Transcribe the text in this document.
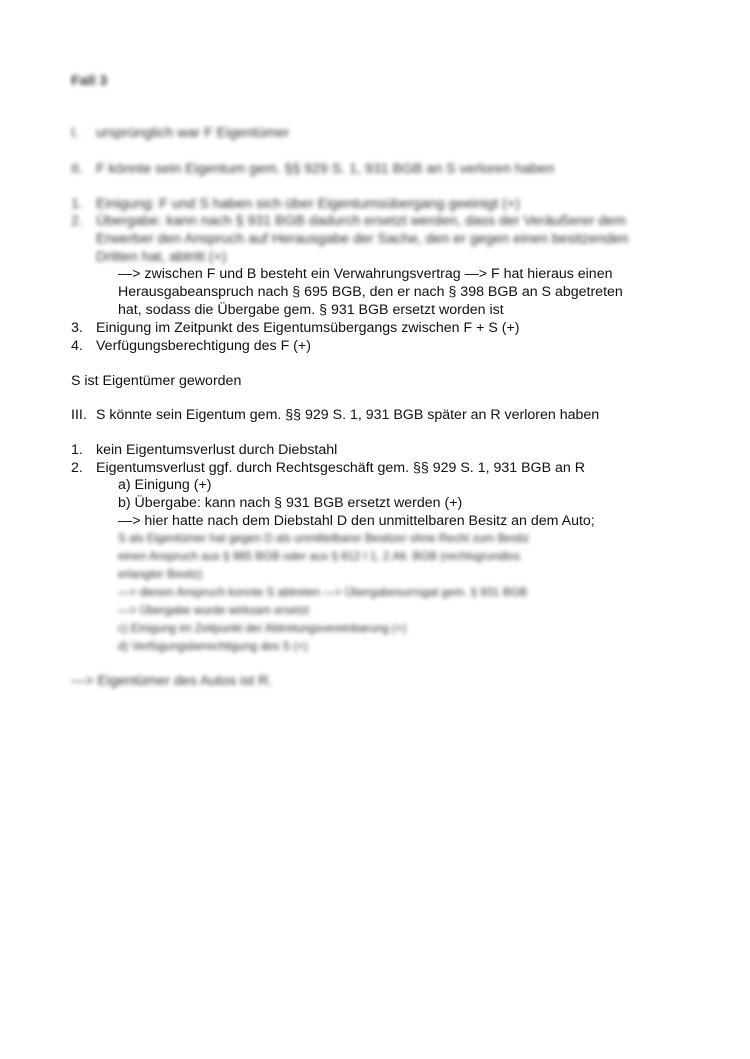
Fall 3
I. ursprünglich war F Eigentümer
II. F könnte sein Eigentum gem. §§ 929 S. 1, 931 BGB an S verloren haben
1. Einigung: F und S haben sich über Eigentumsübergang geeinigt (+)
2. Übergabe: kann nach § 931 BGB dadurch ersetzt werden, dass der Veräußerer dem
Erwerber den Anspruch auf Herausgabe der Sache, den er gegen einen besitzenden
Dritten hat, abtritt (+)
—> zwischen F und B besteht ein Verwahrungsvertrag —> F hat hieraus einen
Herausgabeanspruch nach § 695 BGB, den er nach § 398 BGB an S abgetreten
hat, sodass die Übergabe gem. § 931 BGB ersetzt worden ist
3. Einigung im Zeitpunkt des Eigentumsübergangs zwischen F + S (+)
4. Verfügungsberechtigung des F (+)
S ist Eigentümer geworden
III. S könnte sein Eigentum gem. §§ 929 S. 1, 931 BGB später an R verloren haben
1. kein Eigentumsverlust durch Diebstahl
2. Eigentumsverlust ggf. durch Rechtsgeschäft gem. §§ 929 S. 1, 931 BGB an R
a) Einigung (+)
b) Übergabe: kann nach § 931 BGB ersetzt werden (+)
—> hier hatte nach dem Diebstahl D den unmittelbaren Besitz an dem Auto;
S als Eigentümer hat gegen D als unmittelbarer Besitzer ohne Recht zum Besitz
einen Anspruch aus § 985 BGB oder aus § 812 I 1, 2.Alt. BGB (rechtsgrundlos
erlangter Besitz)
—> diesen Anspruch konnte S abtreten —> Übergabesurrogat gem. § 931 BGB
—> Übergabe wurde wirksam ersetzt
c) Einigung im Zeitpunkt der Abtretungsvereinbarung (+)
d) Verfügungsberechtigung des S (+)
—> Eigentümer des Autos ist R.
